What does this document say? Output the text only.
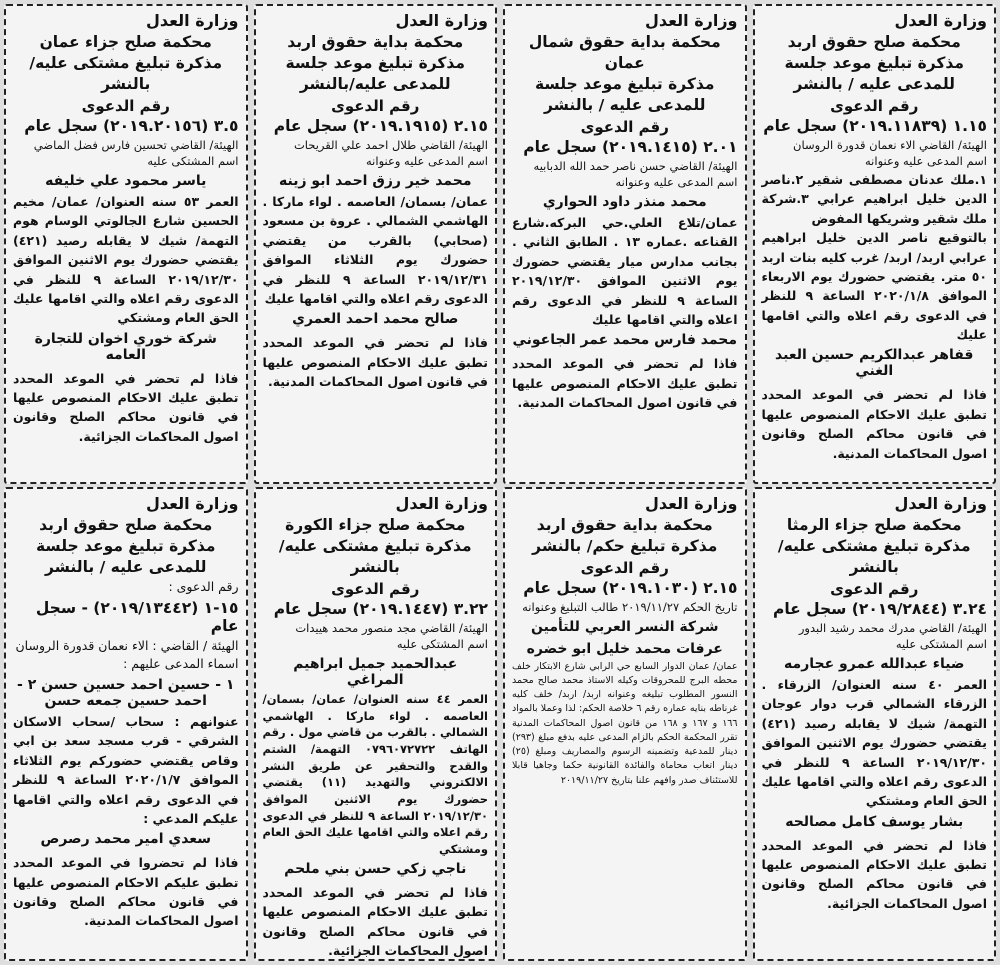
وزارة العدل
محكمة صلح حقوق اربد
مذكرة تبليغ موعد جلسة للمدعى عليه / بالنشر
رقم الدعوى
١.١٥ (٢٠١٩.١١٨٣٩) سجل عام
الهيئة/ القاضي الاء نعمان قدورة الروسان
اسم المدعى عليه وعنوانه
١.ملك عدنان مصطفى شقير ٢.ناصر الدين خليل ابراهيم عرابي ٣.شركة ملك شقير وشريكها المفوض
بالتوقيع ناصر الدين خليل ابراهيم عرابي اربد/ اربد/ غرب كليه بنات اربد ٥٠ متر. يقتضي حضورك يوم الاربعاء الموافق ٢٠٢٠/١/٨ الساعة ٩ للنظر في الدعوى رقم اعلاه والتي اقامها عليك
قفاهر عبدالكريم حسين العبد الغني
فاذا لم تحضر في الموعد المحدد تطبق عليك الاحكام المنصوص عليها في قانون محاكم الصلح وقانون اصول المحاكمات المدنية.
وزارة العدل
محكمة بداية حقوق شمال عمان
مذكرة تبليغ موعد جلسة للمدعى عليه / بالنشر
رقم الدعوى
٢.٠١ (٢٠١٩.١٤١٥) سجل عام
الهيئة/ القاضي حسن ناصر حمد الله الدبابيه
اسم المدعى عليه وعنوانه
محمد منذر داود الحواري
عمان/تلاع العلي.حي البركه.شارع القناعه .عماره ١٣ . الطابق الثاني . بجانب مدارس ميار يقتضي حضورك يوم الاثنين الموافق ٢٠١٩/١٢/٣٠ الساعة ٩ للنظر في الدعوى رقم اعلاه والتي اقامها عليك
محمد فارس محمد عمر الجاعوني
فاذا لم تحضر في الموعد المحدد تطبق عليك الاحكام المنصوص عليها في قانون اصول المحاكمات المدنية.
وزارة العدل
محكمة بداية حقوق اربد
مذكرة تبليغ موعد جلسة للمدعى عليه/بالنشر
رقم الدعوى
٢.١٥ (٢٠١٩.١٩١٥) سجل عام
الهيئة/ القاضي طلال احمد علي القريحات
اسم المدعى عليه وعنوانه
محمد خير رزق احمد ابو زينه
عمان/ بسمان/ العاصمه . لواء ماركا . الهاشمي الشمالي . عروة بن مسعود (صحابي) بالقرب من يقتضي حضورك يوم الثلاثاء الموافق ٢٠١٩/١٢/٣١ الساعة ٩ للنظر في الدعوى رقم اعلاه والتي اقامها عليك
صالح محمد احمد العمري
فاذا لم تحضر في الموعد المحدد تطبق عليك الاحكام المنصوص عليها في قانون اصول المحاكمات المدنية.
وزارة العدل
محكمة صلح جزاء عمان
مذكرة تبليغ مشتكى عليه/ بالنشر
رقم الدعوى
٣.٥ (٢٠١٩.٢٠١٥٦) سجل عام
الهيئة/ القاضي تحسين فارس فضل الماضي
اسم المشتكى عليه
ياسر محمود علي خليفه
العمر ٥٣ سنه العنوان/ عمان/ مخيم الحسين شارع الجالوتي الوسام هوم التهمة/ شيك لا يقابله رصيد (٤٢١) يقتضي حضورك يوم الاثنين الموافق ٢٠١٩/١٢/٣٠ الساعة ٩ للنظر في الدعوى رقم اعلاه والتي اقامها عليك الحق العام ومشتكي
شركة خوري اخوان للتجارة العامه
فاذا لم تحضر في الموعد المحدد تطبق عليك الاحكام المنصوص عليها في قانون محاكم الصلح وقانون اصول المحاكمات الجزائية.
وزارة العدل
محكمة صلح جزاء الرمثا
مذكرة تبليغ مشتكى عليه/ بالنشر
رقم الدعوى
٣.٢٤ (٢٠١٩/٢٨٤٤) سجل عام
الهيئة/ القاضي مدرك محمد رشيد البدور
اسم المشتكى عليه
ضياء عبدالله عمرو عجارمه
العمر ٤٠ سنه العنوان/ الزرقاء . الزرقاء الشمالي قرب دوار عوجان التهمة/ شيك لا يقابله رصيد (٤٢١) يقتضي حضورك يوم الاثنين الموافق ٢٠١٩/١٢/٣٠ الساعة ٩ للنظر في الدعوى رقم اعلاه والتي اقامها عليك الحق العام ومشتكي
بشار يوسف كامل مصالحه
فاذا لم تحضر في الموعد المحدد تطبق عليك الاحكام المنصوص عليها في قانون محاكم الصلح وقانون اصول المحاكمات الجزائية.
وزارة العدل
محكمة بداية حقوق اربد
مذكرة تبليغ حكم/ بالنشر
رقم الدعوى
٢.١٥ (٢٠١٩.١٠٣٠) سجل عام
تاريخ الحكم ٢٠١٩/١١/٢٧ طالب التبليغ وعنوانه
شركة النسر العربي للتأمين
عرفات محمد خليل ابو خضره
عمان/ عمان الدوار السابع حي الرابي شارع الابتكار خلف محطه البرج للمحروقات وكيله الاستاذ محمد صالح محمد النسور المطلوب تبليغه وعنوانه اربد/ اربد/ خلف كليه غرناطه بنايه عماره رقم ٦ خلاصة الحكم: لذا وعملا بالمواد ١٦٦ و ١٦٧ و ١٦٨ من قانون اصول المحاكمات المدنية تقرر المحكمة الحكم بالزام المدعى عليه بدفع مبلغ (٢٩٣) دينار للمدعية وتضمينه الرسوم والمصاريف ومبلغ (٢٥) دينار اتعاب محاماة والفائدة القانونية حكما وجاهيا قابلا للاستئناف صدر وافهم علنا بتاريخ ٢٠١٩/١١/٢٧
وزارة العدل
محكمة صلح جزاء الكورة
مذكرة تبليغ مشتكى عليه/ بالنشر
رقم الدعوى
٣.٢٢ (٢٠١٩.١٤٤٧) سجل عام
الهيئة/ القاضي مجد منصور محمد هييدات
اسم المشتكى عليه
عبدالحميد جميل ابراهيم المراغي
العمر ٤٤ سنه العنوان/ عمان/ بسمان/ العاصمه . لواء ماركا . الهاشمي الشمالي . بالقرب من قاضي مول . رقم الهاتف ٠٧٩٦٠٧٢٧٢٢ التهمة/ الشتم والقدح والتحقير عن طريق النشر الالكتروني والتهديد (١١) يقتضي حضورك يوم الاثنين الموافق ٢٠١٩/١٢/٣٠ الساعة ٩ للنظر في الدعوى رقم اعلاه والتي اقامها عليك الحق العام ومشتكي
ناجي زكي حسن بني ملحم
فاذا لم تحضر في الموعد المحدد تطبق عليك الاحكام المنصوص عليها في قانون محاكم الصلح وقانون اصول المحاكمات الجزائية.
وزارة العدل
محكمة صلح حقوق اربد
مذكرة تبليغ موعد جلسة للمدعى عليه / بالنشر
رقم الدعوى :
١٥-١ (٢٠١٩/١٣٤٤٢) - سجل عام
الهيئة / القاضي : الاء نعمان قدورة الروسان
اسماء المدعى عليهم :
١ - حسين احمد حسين حسن ٢ - احمد حسين جمعه حسن
عنوانهم : سحاب /سحاب الاسكان الشرقي - قرب مسجد سعد بن ابي وقاص يقتضي حضوركم يوم الثلاثاء الموافق ٢٠٢٠/١/٧ الساعة ٩ للنظر في الدعوى رقم اعلاه والتي اقامها عليكم المدعي :
سعدي امير محمد رصرص
فاذا لم تحضروا في الموعد المحدد تطبق عليكم الاحكام المنصوص عليها في قانون محاكم الصلح وقانون اصول المحاكمات المدنية.
